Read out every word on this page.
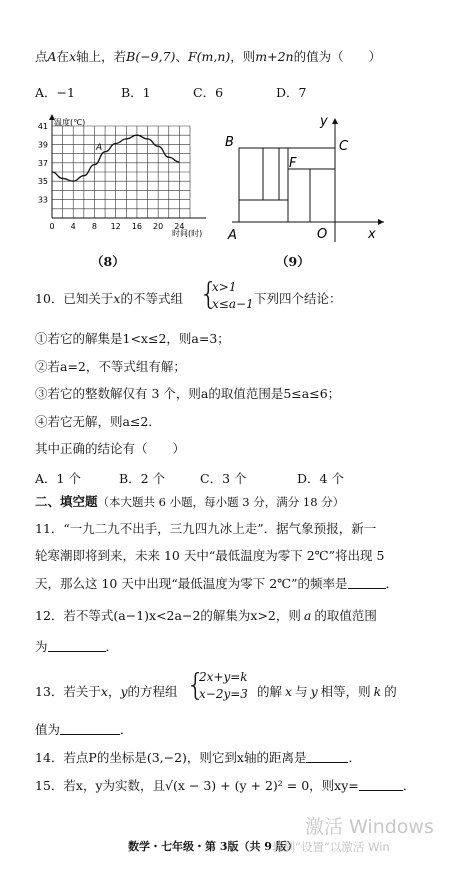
点A在x轴上，若B(−9,7)、F(m,n)，则m+2n的值为（　　）
A．−1	B．1	C．6	D．7
0 4 8 12 16 20 24
33
35
37
39
41 温度(℃)
时间(时)
A
（8）
y
x
B	C
F
A	O
（9）
10．已知关于x的不等式组 {
x>1
x≤a−1 下列四个结论：
①若它的解集是1<x≤2，则a=3；
②若a=2，不等式组有解；
③若它的整数解仅有 3 个，则a的取值范围是5≤a≤6；
④若它无解，则a≤2．
其中正确的结论有（　　）
A．1 个	B．2 个	C．3 个	D．4 个
二、填空题（本大题共 6 小题，每小题 3 分，满分 18 分）
11．“一九二九不出手，三九四九冰上走”．据气象预报，新一
轮寒潮即将到来，未来 10 天中“最低温度为零下 2℃”将出现 5
天，那么这 10 天中出现“最低温度为零下 2℃”的频率是	．
12．若不等式(a−1)x<2a−2的解集为x>2，则 a 的取值范围
为	．
13．若关于x，y的方程组 {
2x+y=k
x−2y=3 的解 x 与 y 相等，则 k 的
值为	．
14．若点P的坐标是(3,−2)，则它到x轴的距离是	．
15．若x，y为实数，且√(x − 3) + (y + 2)² = 0，则xy=	．
激活 Windows
数学・七年级・第 3版（共 9 版）
转到“设置”以激活 Win
